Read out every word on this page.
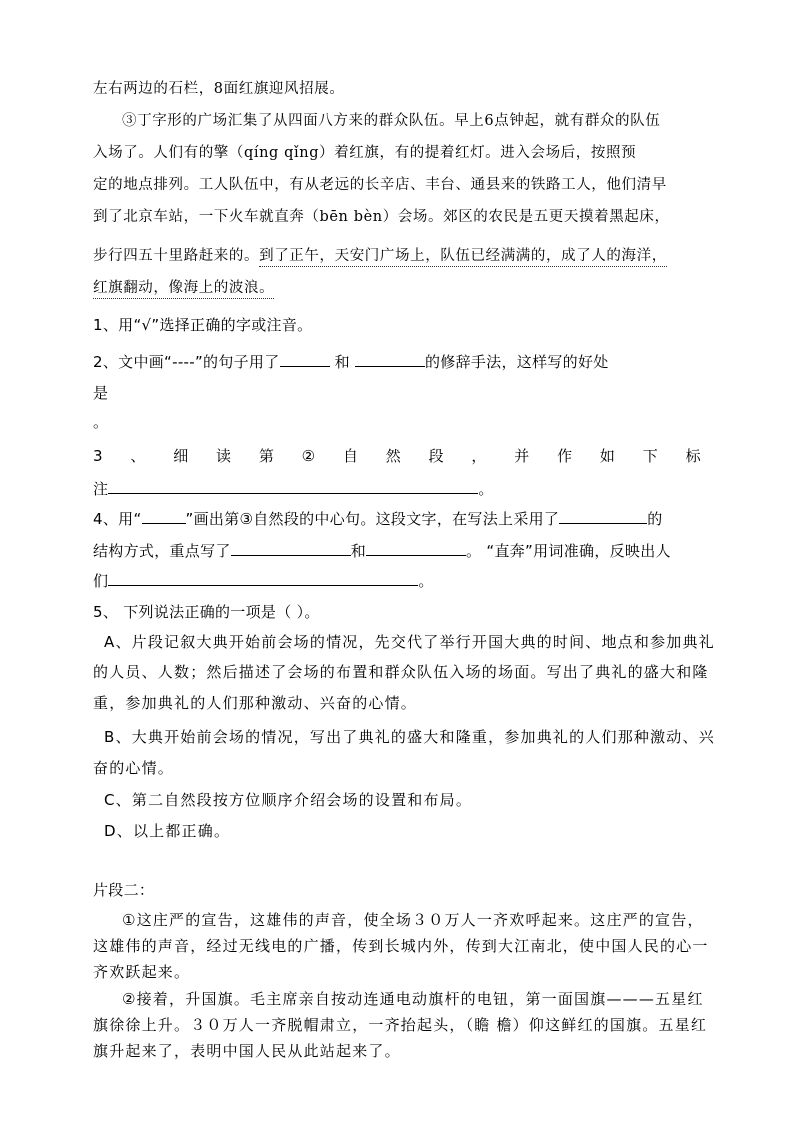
左右两边的石栏，8面红旗迎风招展。
③丁字形的广场汇集了从四面八方来的群众队伍。早上6点钟起，就有群众的队伍
入场了。人们有的擎（qíng qǐng）着红旗，有的提着红灯。进入会场后，按照预
定的地点排列。工人队伍中，有从老远的长辛店、丰台、通县来的铁路工人，他们清早
到了北京车站，一下火车就直奔（bēn bèn）会场。郊区的农民是五更天摸着黑起床，
步行四五十里路赶来的。到了正午，天安门广场上，队伍已经满满的，成了人的海洋，
红旗翻动，像海上的波浪。
1、用“√”选择正确的字或注音。
2、文中画“----”的句子用了	和	的修辞手法，这样写的好处
是
。
3 、 细 读 第 ② 自 然 段 ， 并 作 如 下 标
注	。
4、用“	”画出第③自然段的中心句。这段文字，在写法上采用了	的
结构方式，重点写了	和	。 “直奔”用词准确，反映出人
们	。
5、 下列说法正确的一项是（ ）。
A、片段记叙大典开始前会场的情况，先交代了举行开国大典的时间、地点和参加典礼
的人员、人数；然后描述了会场的布置和群众队伍入场的场面。写出了典礼的盛大和隆
重，参加典礼的人们那种激动、兴奋的心情。
B、大典开始前会场的情况，写出了典礼的盛大和隆重，参加典礼的人们那种激动、兴
奋的心情。
C、第二自然段按方位顺序介绍会场的设置和布局。
D、以上都正确。
片段二：
①这庄严的宣告，这雄伟的声音，使全场３０万人一齐欢呼起来。这庄严的宣告，
这雄伟的声音，经过无线电的广播，传到长城内外，传到大江南北，使中国人民的心一
齐欢跃起来。
②接着，升国旗。毛主席亲自按动连通电动旗杆的电钮，第一面国旗———五星红
旗徐徐上升。３０万人一齐脱帽肃立，一齐抬起头，（瞻 檐）仰这鲜红的国旗。五星红
旗升起来了，表明中国人民从此站起来了。
